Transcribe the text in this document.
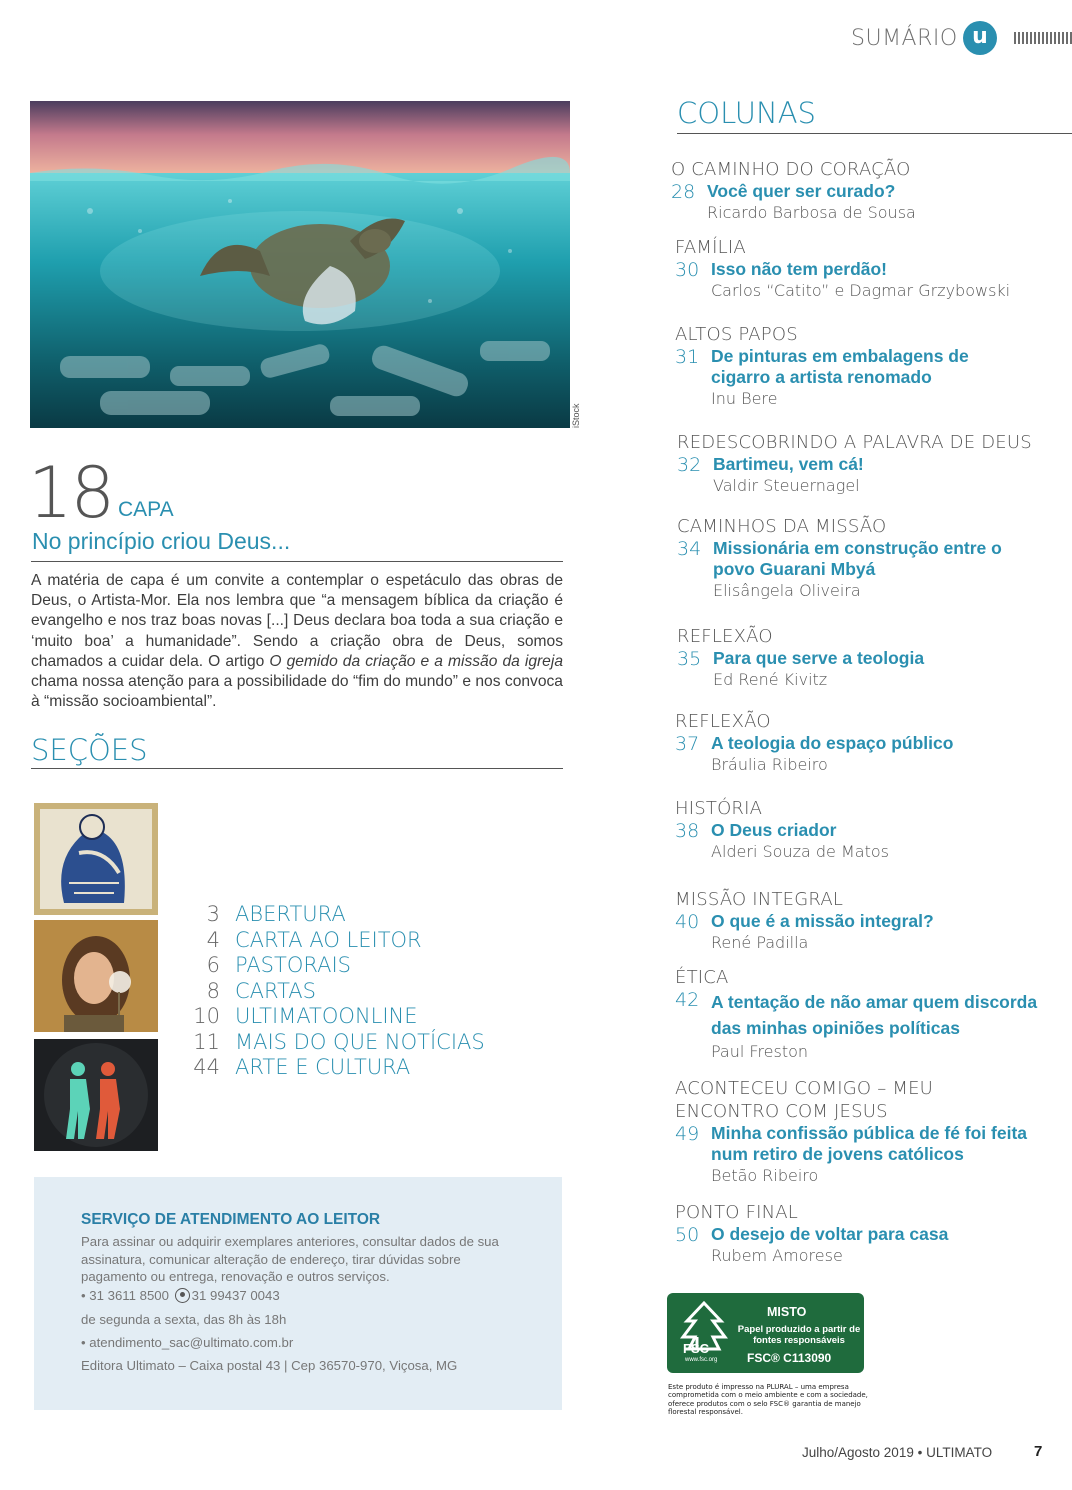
SUMÁRIO u
iStock
18 CAPA
No princípio criou Deus...
A matéria de capa é um convite a contemplar o espetáculo das obras de Deus, o Artista-Mor. Ela nos lembra que “a mensagem bíblica da criação é evangelho e nos traz boas novas [...] Deus declara boa toda a sua criação e ‘muito boa’ a humanidade”. Sendo a criação obra de Deus, somos chamados a cuidar dela. O artigo O gemido da criação e a missão da igreja chama nossa atenção para a possibilidade do “fim do mundo” e nos convoca à “missão socioambiental”.
SEÇÕES
3 ABERTURA
4 CARTA AO LEITOR
6 PASTORAIS
8 CARTAS
10 ULTIMATOONLINE
11 MAIS DO QUE NOTÍCIAS
44 ARTE E CULTURA
SERVIÇO DE ATENDIMENTO AO LEITOR
Para assinar ou adquirir exemplares anteriores, consultar dados de sua assinatura, comunicar alteração de endereço, tirar dúvidas sobre pagamento ou entrega, renovação e outros serviços.
• 31 3611 8500 31 99437 0043
de segunda a sexta, das 8h às 18h
• atendimento_sac@ultimato.com.br
Editora Ultimato – Caixa postal 43 | Cep 36570-970, Viçosa, MG
COLUNAS
O CAMINHO DO CORAÇÃO
28 Você quer ser curado?
Ricardo Barbosa de Sousa
FAMÍLIA
30 Isso não tem perdão!
Carlos “Catito” e Dagmar Grzybowski
ALTOS PAPOS
31 De pinturas em embalagens de cigarro a artista renomado
Inu Bere
REDESCOBRINDO A PALAVRA DE DEUS
32 Bartimeu, vem cá!
Valdir Steuernagel
CAMINHOS DA MISSÃO
34 Missionária em construção entre o povo Guarani Mbyá
Elisângela Oliveira
REFLEXÃO
35 Para que serve a teologia
Ed René Kivitz
REFLEXÃO
37 A teologia do espaço público
Bráulia Ribeiro
HISTÓRIA
38 O Deus criador
Alderi Souza de Matos
MISSÃO INTEGRAL
40 O que é a missão integral?
René Padilla
ÉTICA
42 A tentação de não amar quem discorda das minhas opiniões políticas
Paul Freston
ACONTECEU COMIGO – MEU ENCONTRO COM JESUS
49 Minha confissão pública de fé foi feita num retiro de jovens católicos
Betão Ribeiro
PONTO FINAL
50 O desejo de voltar para casa
Rubem Amorese
FSC
www.fsc.org
MISTO
Papel produzido a partir de fontes responsáveis
FSC® C113090
Este produto é impresso na PLURAL – uma empresa comprometida com o meio ambiente e com a sociedade, oferece produtos com o selo FSC® garantia de manejo florestal responsável.
Julho/Agosto 2019 • ULTIMATO	7
